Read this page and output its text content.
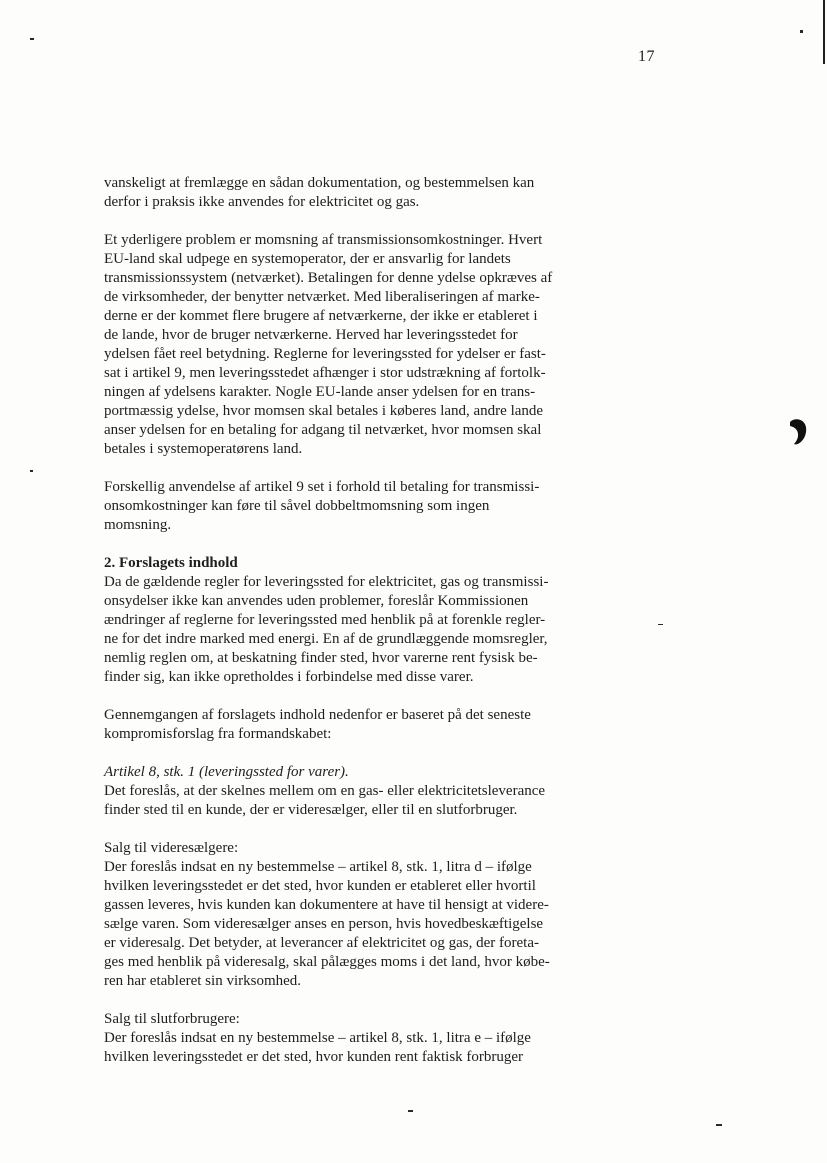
17
vanskeligt at fremlægge en sådan dokumentation, og bestemmelsen kan
derfor i praksis ikke anvendes for elektricitet og gas.
Et yderligere problem er momsning af transmissionsomkostninger. Hvert
EU-land skal udpege en systemoperator, der er ansvarlig for landets
transmissionssystem (netværket). Betalingen for denne ydelse opkræves af
de virksomheder, der benytter netværket. Med liberaliseringen af marke-
derne er der kommet flere brugere af netværkerne, der ikke er etableret i
de lande, hvor de bruger netværkerne. Herved har leveringsstedet for
ydelsen fået reel betydning. Reglerne for leveringssted for ydelser er fast-
sat i artikel 9, men leveringsstedet afhænger i stor udstrækning af fortolk-
ningen af ydelsens karakter. Nogle EU-lande anser ydelsen for en trans-
portmæssig ydelse, hvor momsen skal betales i køberes land, andre lande
anser ydelsen for en betaling for adgang til netværket, hvor momsen skal
betales i systemoperatørens land.
Forskellig anvendelse af artikel 9 set i forhold til betaling for transmissi-
onsomkostninger kan føre til såvel dobbeltmomsning som ingen
momsning.
2. Forslagets indhold
Da de gældende regler for leveringssted for elektricitet, gas og transmissi-
onsydelser ikke kan anvendes uden problemer, foreslår Kommissionen
ændringer af reglerne for leveringssted med henblik på at forenkle regler-
ne for det indre marked med energi. En af de grundlæggende momsregler,
nemlig reglen om, at beskatning finder sted, hvor varerne rent fysisk be-
finder sig, kan ikke opretholdes i forbindelse med disse varer.
Gennemgangen af forslagets indhold nedenfor er baseret på det seneste
kompromisforslag fra formandskabet:
Artikel 8, stk. 1 (leveringssted for varer).
Det foreslås, at der skelnes mellem om en gas- eller elektricitetsleverance
finder sted til en kunde, der er videresælger, eller til en slutforbruger.
Salg til videresælgere:
Der foreslås indsat en ny bestemmelse – artikel 8, stk. 1, litra d – ifølge
hvilken leveringsstedet er det sted, hvor kunden er etableret eller hvortil
gassen leveres, hvis kunden kan dokumentere at have til hensigt at videre-
sælge varen. Som videresælger anses en person, hvis hovedbeskæftigelse
er videresalg. Det betyder, at leverancer af elektricitet og gas, der foreta-
ges med henblik på videresalg, skal pålægges moms i det land, hvor købe-
ren har etableret sin virksomhed.
Salg til slutforbrugere:
Der foreslås indsat en ny bestemmelse – artikel 8, stk. 1, litra e – ifølge
hvilken leveringsstedet er det sted, hvor kunden rent faktisk forbruger
